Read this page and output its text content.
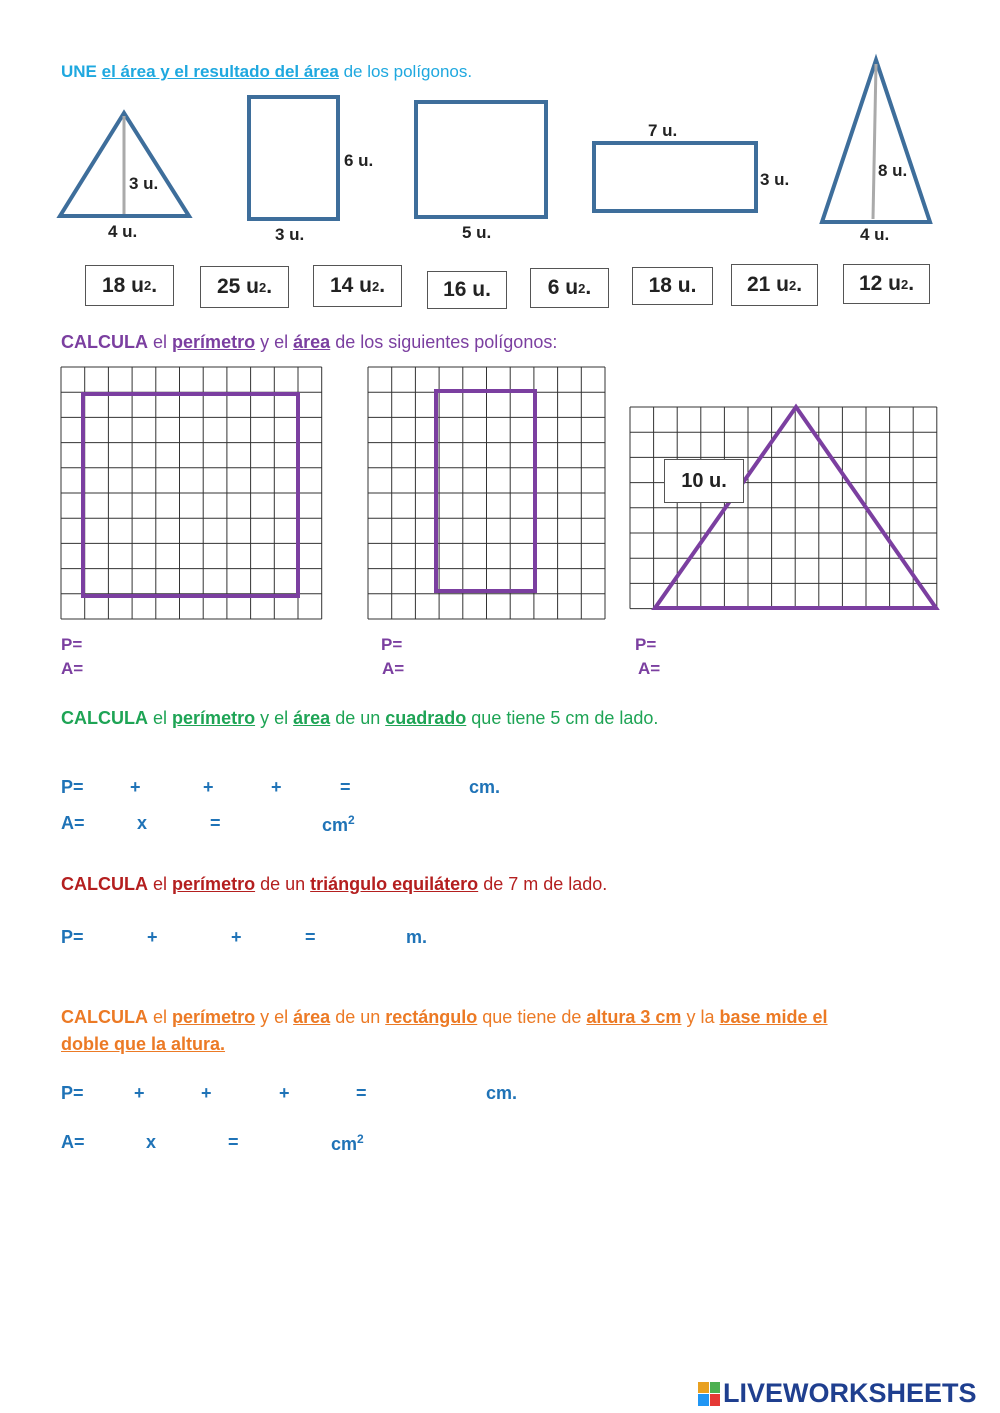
UNE el área y el resultado del área de los polígonos.
3 u.
4 u.
6 u.
3 u.	5 u.
7 u.
3 u.	8 u.
4 u.
18 u 2 .	25 u 2 .	14 u 2 .	16 u.	6 u 2 .	18 u. 21 u 2 .	12 u 2 .
CALCULA el perímetro y el área de los siguientes polígonos:
10 u.
P=
A=
P=
A=
P=
A=
CALCULA el perímetro y el área de un cuadrado que tiene 5 cm de lado.
P=	+	+	+	=	cm.
A=	x	=	$cm^2$
CALCULA el perímetro de un triángulo equilátero de 7 m de lado.
P=	+	+	=	m.
CALCULA el perímetro y el área de un rectángulo que tiene de altura 3 cm y la base mide el
doble que la altura.
P=	+	+	+	=	cm.
A=	x	=	$cm^2$
LIVEWORKSHEETS
